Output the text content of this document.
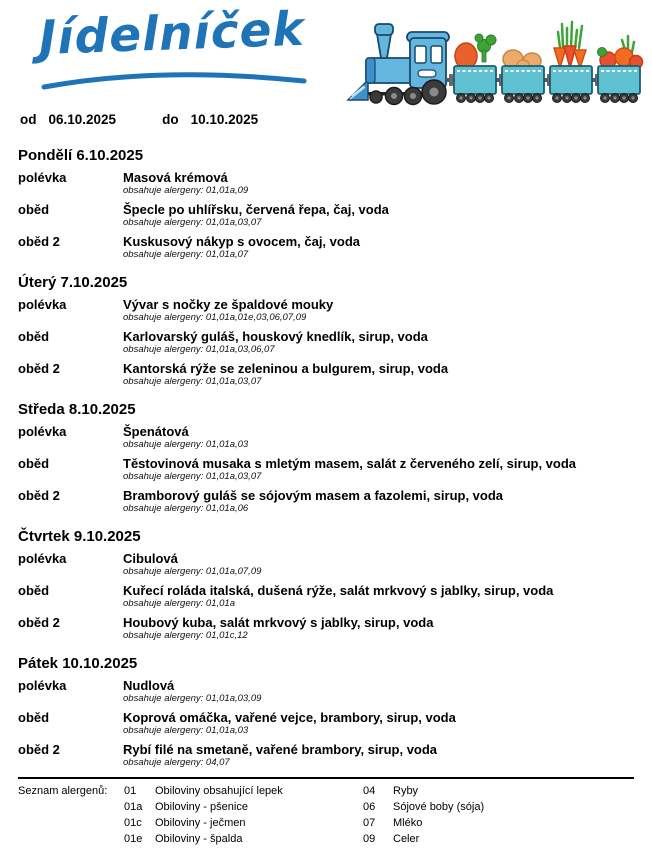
Jídelníček
od 06.10.2025	do 10.10.2025
Pondělí 6.10.2025
polévka	Masová krémová
obsahuje alergeny: 01,01a,09
oběd	Špecle po uhlířsku, červená řepa, čaj, voda
obsahuje alergeny: 01,01a,03,07
oběd 2	Kuskusový nákyp s ovocem, čaj, voda
obsahuje alergeny: 01,01a,07
Úterý 7.10.2025
polévka	Vývar s nočky ze špaldové mouky
obsahuje alergeny: 01,01a,01e,03,06,07,09
oběd	Karlovarský guláš, houskový knedlík, sirup, voda
obsahuje alergeny: 01,01a,03,06,07
oběd 2	Kantorská rýže se zeleninou a bulgurem, sirup, voda
obsahuje alergeny: 01,01a,03,07
Středa 8.10.2025
polévka	Špenátová
obsahuje alergeny: 01,01a,03
oběd	Těstovinová musaka s mletým masem, salát z červeného zelí, sirup, voda
obsahuje alergeny: 01,01a,03,07
oběd 2	Bramborový guláš se sójovým masem a fazolemi, sirup, voda
obsahuje alergeny: 01,01a,06
Čtvrtek 9.10.2025
polévka	Cibulová
obsahuje alergeny: 01,01a,07,09
oběd	Kuřecí roláda italská, dušená rýže, salát mrkvový s jablky, sirup, voda
obsahuje alergeny: 01,01a
oběd 2	Houbový kuba, salát mrkvový s jablky, sirup, voda
obsahuje alergeny: 01,01c,12
Pátek 10.10.2025
polévka	Nudlová
obsahuje alergeny: 01,01a,03,09
oběd	Koprová omáčka, vařené vejce, brambory, sirup, voda
obsahuje alergeny: 01,01a,03
oběd 2	Rybí filé na smetaně, vařené brambory, sirup, voda
obsahuje alergeny: 04,07
Seznam alergenů:	01	Obiloviny obsahující lepek	04	Ryby
01a	Obiloviny - pšenice	06	Sójové boby (sója)
01c	Obiloviny - ječmen	07	Mléko
01e	Obiloviny - špalda	09	Celer
